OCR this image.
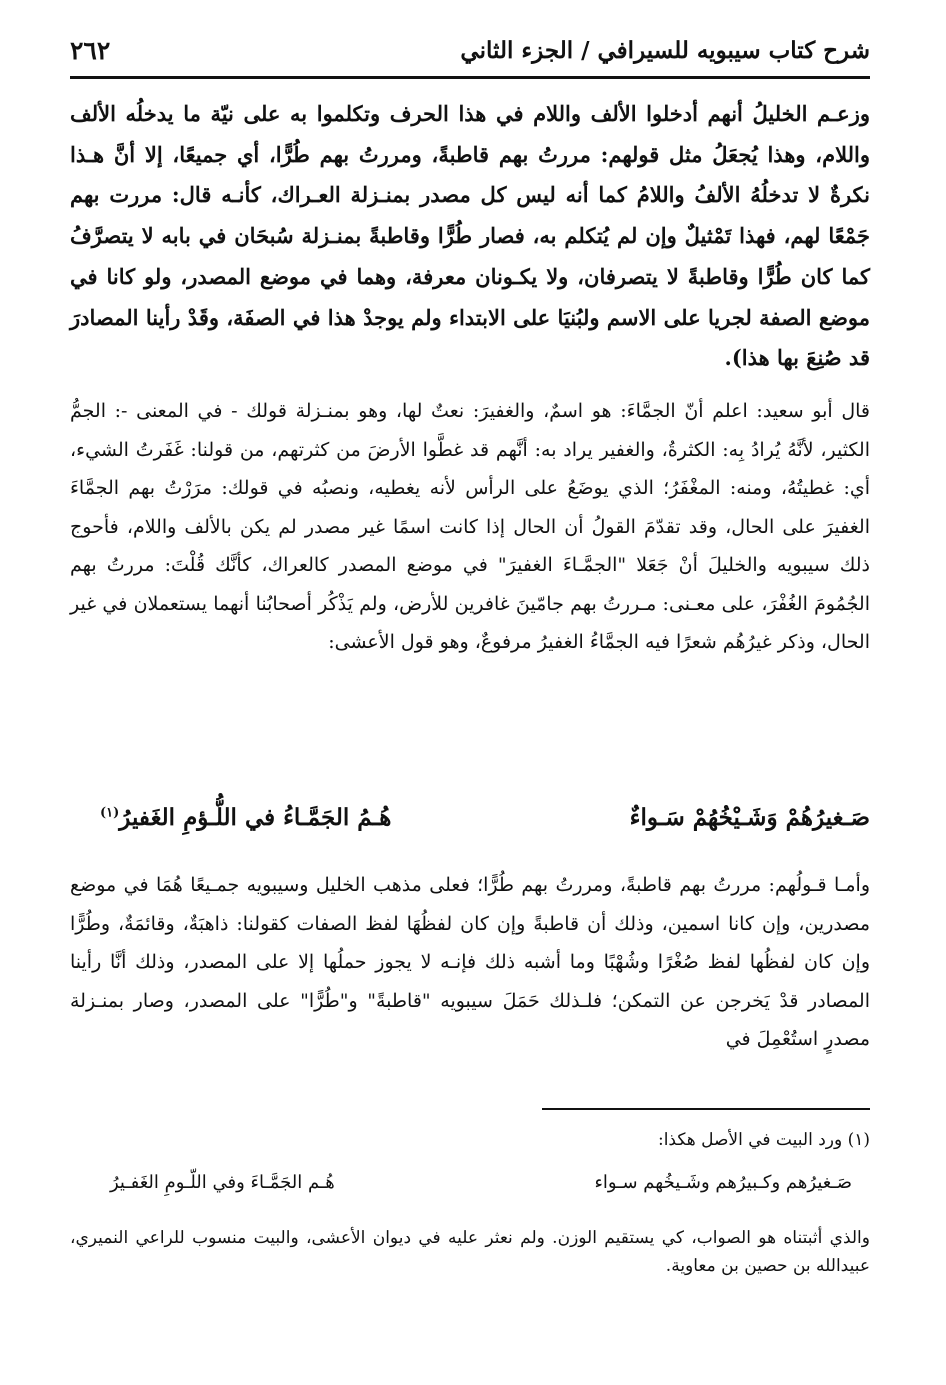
٢٦٢	شرح كتاب سيبويه للسيرافي / الجزء الثاني

وزعـم الخليلُ أنهم أدخلوا الألف واللام في هذا الحرف وتكلموا به على نيّة ما يدخلُه الألف واللام، وهذا يُجعَلُ مثل قولهم: مررتُ بهم قاطبةً، ومررتُ بهم طُرًّا، أي جميعًا، إلا أنَّ هـذا نكرةٌ لا تدخلُهُ الألفُ واللامُ كما أنه ليس كل مصدر بمنـزلة العـراك، كأنـه قال: مررت بهم جَمْعًا لهم، فهذا تَمْثيلٌ وإن لم يُتكلم به، فصار طُرًّا وقاطبةً بمنـزلة سُبحَان في بابه لا يتصرَّفُ كما كان طُرًّا وقاطبةً لا يتصرفان، ولا يكـونان معرفة، وهما في موضع المصدر، ولو كانا في موضع الصفة لجريا على الاسم ولبُنيَا على الابتداء ولم يوجدْ هذا في الصفَة، وقَدْ رأينا المصادرَ قد صُنِعَ بها هذا).

قال أبو سعيد: اعلم أنّ الجمَّاءَ: هو اسمٌ، والغفيرَ: نعتٌ لها، وهو بمنـزلة قولك - في المعنى -: الجمُّ الكثير، لأنَّهُ يُرادُ بِه: الكثرةُ، والغفير يراد به: أنَّهم قد غطَّوا الأرضَ من كثرتهم، من قولنا: غَفَرتُ الشيء، أي: غطيتُهُ، ومنه: المغْفَرُ؛ الذي يوضَعُ على الرأس لأنه يغطيه، ونصبُه في قولك: مرَرْتُ بهم الجمَّاءَ الغفيرَ على الحال، وقد تقدّمَ القولُ أن الحال إذا كانت اسمًا غير مصدر لم يكن بالألف واللام، فأحوج ذلك سيبويه والخليلَ أنْ جَعَلا "الجمَّـاءَ الغفيرَ" في موضع المصدر كالعراك، كأنَّك قُلْتَ: مررتُ بهم الجُمُومَ الغُفْرَ، على معـنى: مـررتُ بهم جامّينَ غافرين للأرض، ولم يَذْكُر أصحابُنا أنهما يستعملان في غير الحال، وذكر غيرُهُم شعرًا فيه الجمَّاءُ الغفيرُ مرفوعٌ، وهو قول الأعشى:

صَـغيرُهُمْ وَشَـيْخُهُمْ سَـواءٌ
هُـمُ الجَمَّـاءُ في اللُّـؤمِ الغَفيرُ$^{(١)}$

وأمـا قـولُهم: مررتُ بهم قاطبةً، ومررتُ بهم طُرًّا؛ فعلى مذهب الخليل وسيبويه جمـيعًا هُمَا في موضع مصدرين، وإن كانا اسمين، وذلك أن قاطبةً وإن كان لفظُهَا لفظ الصفات كقولنا: ذاهبَةٌ، وقائمَةٌ، وطُرًّا وإن كان لفظُها لفظ صُغْرًا وشُهْبًا وما أشبه ذلك فإنـه لا يجوز حملُها إلا على المصدر، وذلك أنَّا رأينا المصادر قدْ يَخرجن عن التمكن؛ فلـذلك حَمَلَ سيبويه "قاطبةً" و"طُرًّا" على المصدر، وصار بمنـزلة مصدرٍ استُعْمِلَ في

(١) ورد البيت في الأصل هكذا:

صَـغيرُهم وكـبيرُهم وشَـيخُهم سـواء
هُـم الجَمَّـاءَ وفي اللّـومِ الغَفـيرُ

والذي أثبتناه هو الصواب، كي يستقيم الوزن. ولم نعثر عليه في ديوان الأعشى، والبيت منسوب للراعي النميري، عبيدالله بن حصين بن معاوية.
